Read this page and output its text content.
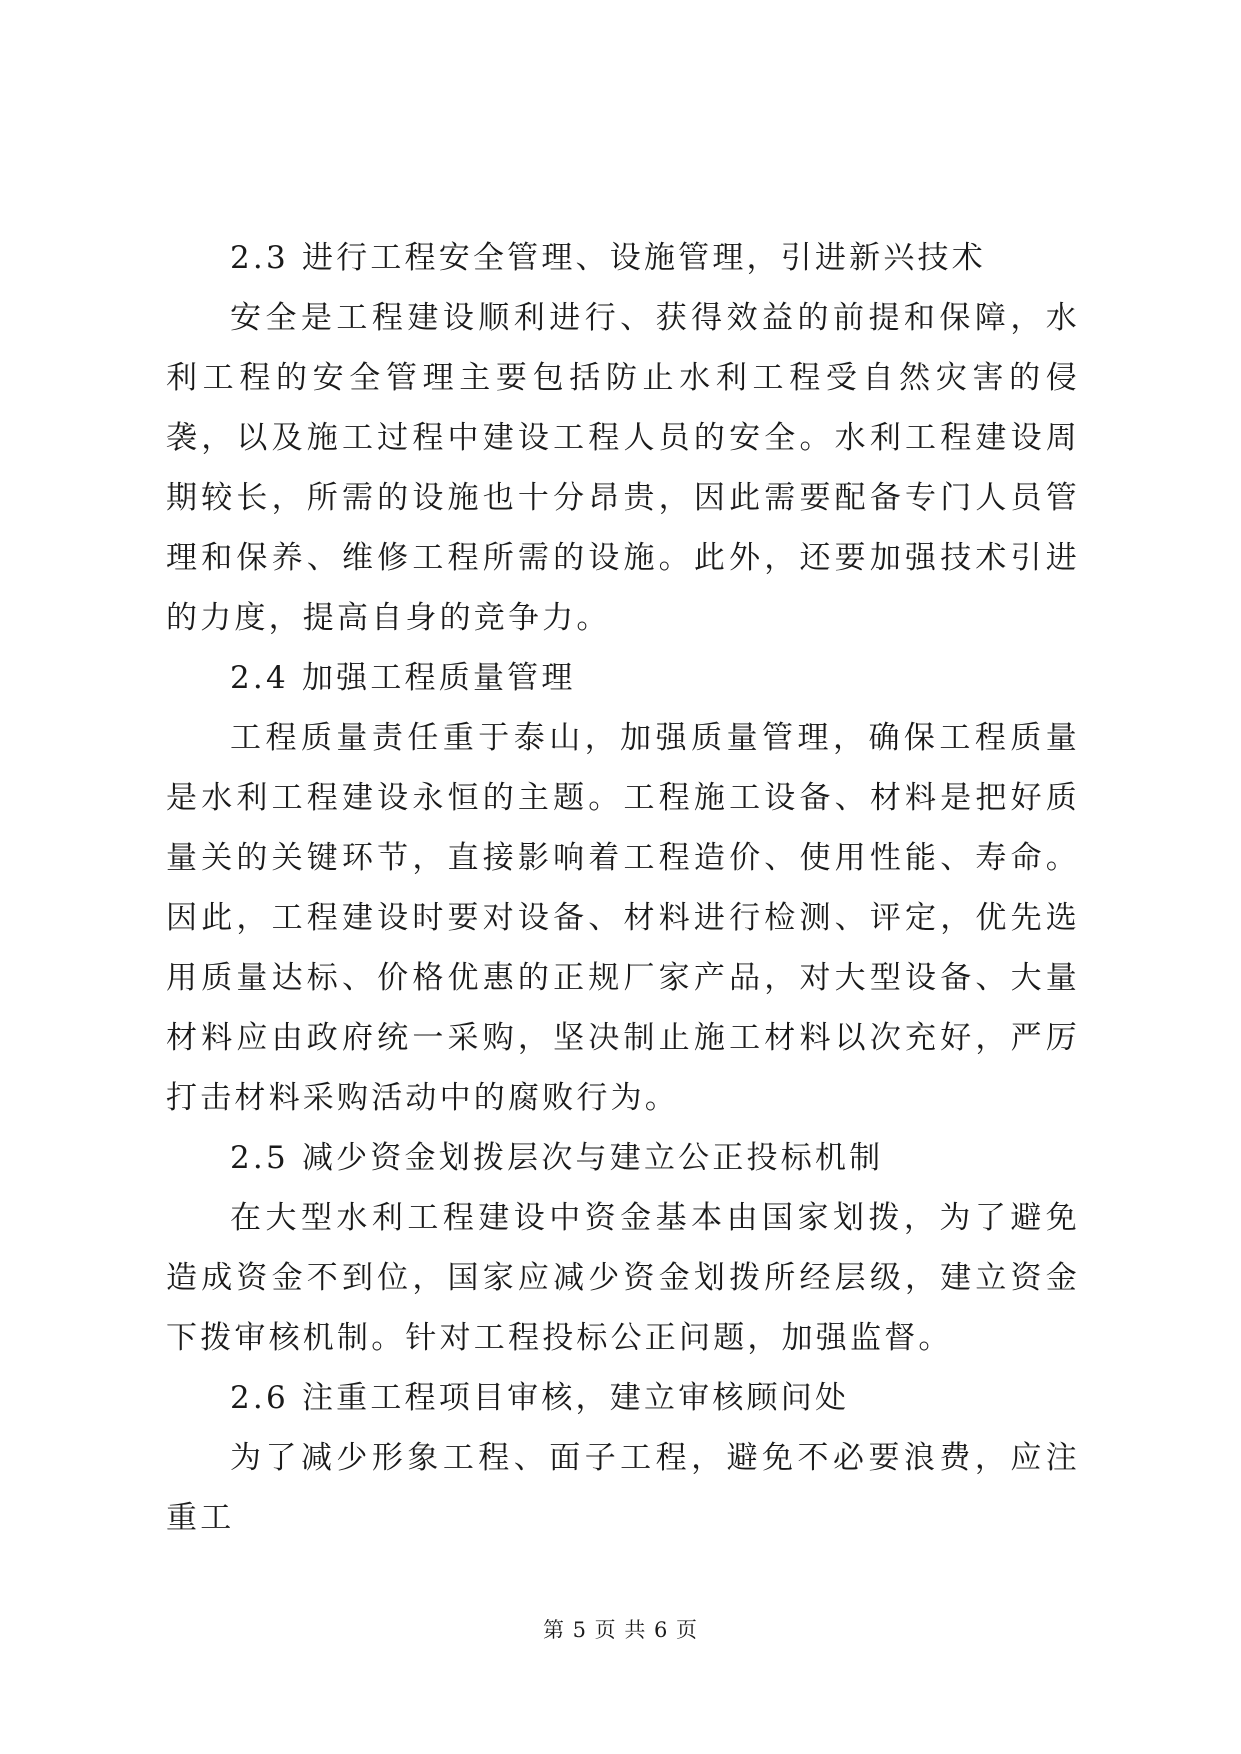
2.3 进行工程安全管理、设施管理，引进新兴技术

安全是工程建设顺利进行、获得效益的前提和保障，水利工程的安全管理主要包括防止水利工程受自然灾害的侵袭，以及施工过程中建设工程人员的安全。水利工程建设周期较长，所需的设施也十分昂贵，因此需要配备专门人员管理和保养、维修工程所需的设施。此外，还要加强技术引进的力度，提高自身的竞争力。

2.4 加强工程质量管理

工程质量责任重于泰山，加强质量管理，确保工程质量是水利工程建设永恒的主题。工程施工设备、材料是把好质量关的关键环节，直接影响着工程造价、使用性能、寿命。因此，工程建设时要对设备、材料进行检测、评定，优先选用质量达标、价格优惠的正规厂家产品，对大型设备、大量材料应由政府统一采购，坚决制止施工材料以次充好，严厉打击材料采购活动中的腐败行为。

2.5 减少资金划拨层次与建立公正投标机制

在大型水利工程建设中资金基本由国家划拨，为了避免造成资金不到位，国家应减少资金划拨所经层级，建立资金下拨审核机制。针对工程投标公正问题，加强监督。

2.6 注重工程项目审核，建立审核顾问处

为了减少形象工程、面子工程，避免不必要浪费，应注重工

第 5 页 共 6 页
